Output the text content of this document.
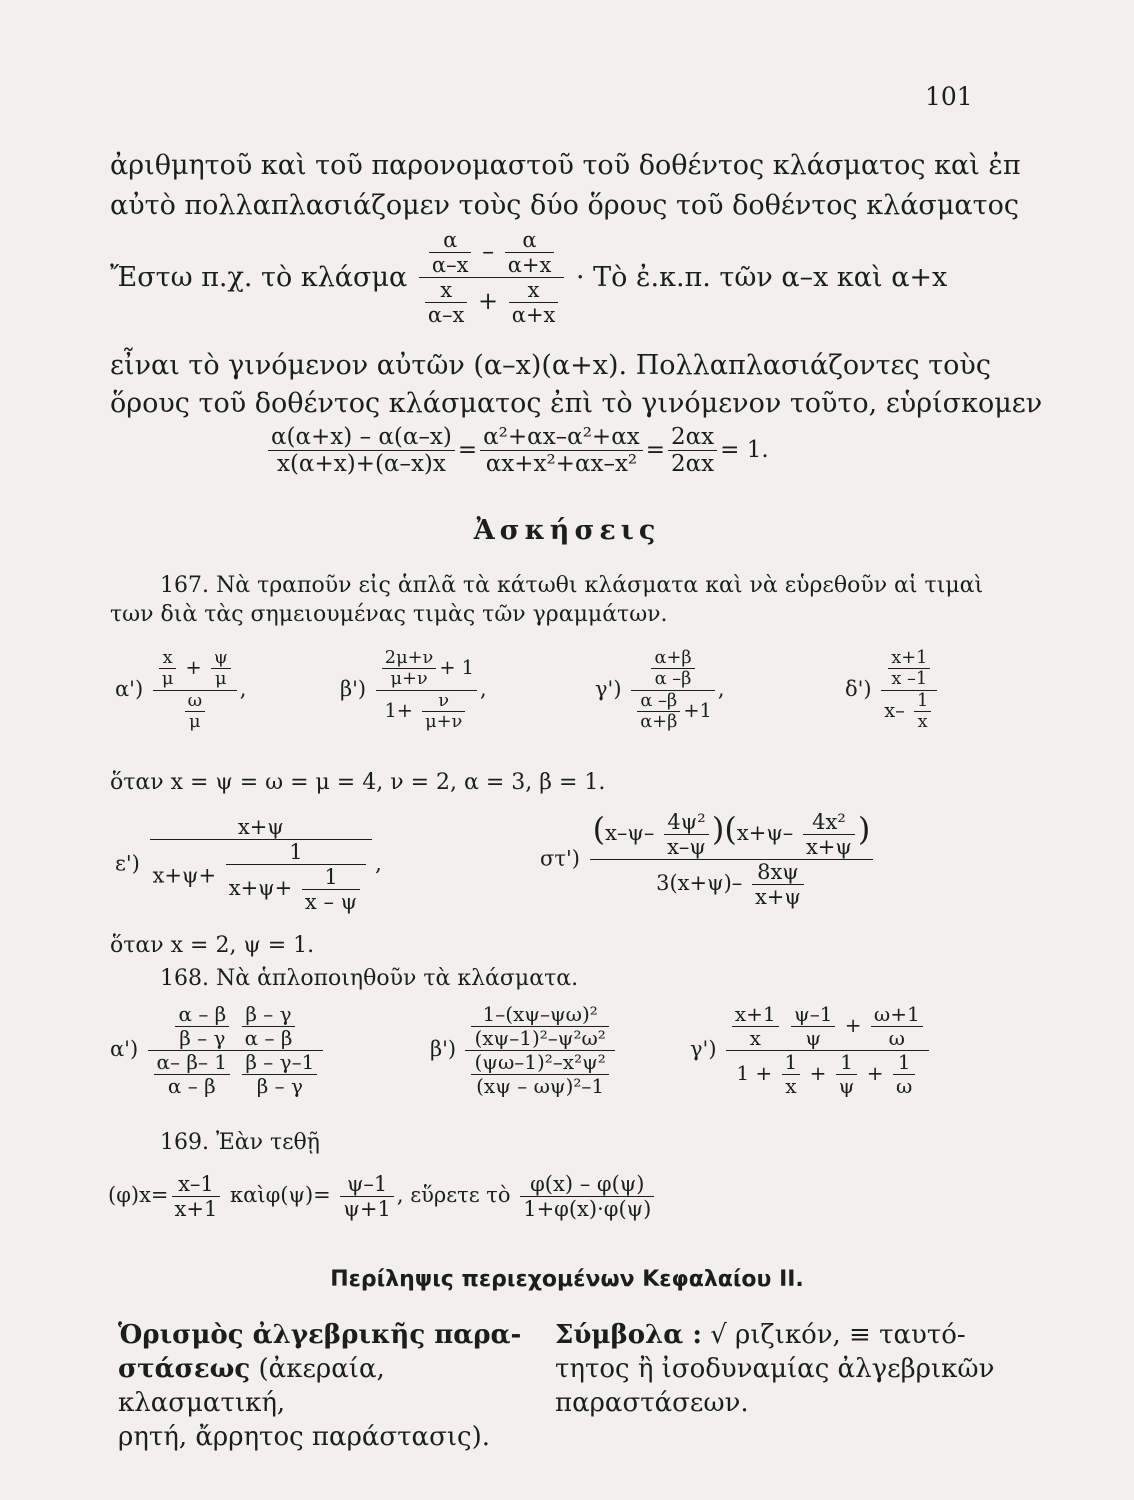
101
ἀριθμητοῦ καὶ τοῦ παρονομαστοῦ τοῦ δοθέντος κλάσματος καὶ ἐπ
αὐτὸ πολλαπλασιάζομεν τοὺς δύο ὅρους τοῦ δοθέντος κλάσματος
Ἔστω π.χ. τὸ κλάσμα $\frac{\frac{\alpha}{\alpha-x} - \frac{\alpha}{\alpha+x}}{\frac{x}{\alpha-x} + \frac{x}{\alpha+x}}$ · Τὸ ἐ.κ.π. τῶν α–x καὶ α+x
εἶναι τὸ γινόμενον αὐτῶν (α–x)(α+x). Πολλαπλασιάζοντες τοὺς
ὅρους τοῦ δοθέντος κλάσματος ἐπὶ τὸ γινόμενον τοῦτο, εὑρίσκομεν
$\frac{\alpha(\alpha+x) - \alpha(\alpha-x)}{x(\alpha+x)+(\alpha-x)x} = \frac{\text{α²+αx–α²+αx}}{\text{αx+x²+αx–x²}} = \frac{2\alpha x}{2\alpha x} = 1$.
Ἀσκήσεις
167. Νὰ τραποῦν εἰς ἁπλᾶ τὰ κάτωθι κλάσματα καὶ νὰ εὑρεθοῦν αἱ τιμαὶ
των διὰ τὰς σημειουμένας τιμὰς τῶν γραμμάτων.
$\alpha') \frac{\frac{x}{\mu} + \frac{\psi}{\mu}}{\frac{\omega}{\mu}}$ ,	$\beta') \frac{\frac{2\mu+\nu}{\mu+\nu} + 1}{1+ \frac{\nu}{\mu+\nu}}$ ,	$\gamma') \frac{\frac{\alpha+\beta}{\alpha -\beta}}{\frac{\alpha -\beta}{\alpha+\beta} +1}$ ,	$\delta') \frac{\frac{x+1}{x -1}}{x- \frac{1}{x}}$
ὅταν x = ψ = ω = μ = 4, ν = 2, α = 3, β = 1.
$\varepsilon') \frac{x+\psi}{x+\psi+ \frac{1}{x+\psi+ \frac{1}{x - \psi}}}$ ,	$\sigma\tau') \frac{(x-\psi- \frac{\text{4ψ²}}{x-\psi} )(x+\psi- \frac{\text{4x²}}{x+\psi} )}{3(x+\psi)- \frac{8x\psi}{x+\psi}}$
ὅταν x = 2, ψ = 1.
168. Νὰ ἁπλοποιηθοῦν τὰ κλάσματα.
$\alpha') \frac{\alpha - \beta}{\beta - \gamma}$
$\frac{\beta - \gamma}{\alpha - \beta}$
$\frac{\alpha- \beta- 1}{\alpha - \beta}$
$\frac{\beta - \gamma-1}{\beta - \gamma}$	$\beta') \frac{\frac{\text{1–(xψ–ψω)²}}{\text{(xψ–1)²–ψ²ω²}}}{\frac{\text{(ψω–1)²–x²ψ²}}{\text{(xψ – ωψ)²–1}}}$	$\gamma') \frac{x+1}{x}$
$\frac{\psi-1}{\psi} + \frac{\omega+1}{\omega}$
$1 + \frac{1}{x} + \frac{1}{\psi} + \frac{1}{\omega}$
169. Ἐὰν τεθῇ
$(\varphi)x= \frac{x-1}{x+1}$ καὶφ(ψ)= $\frac{\psi-1}{\psi+1}$ , εὕρετε τὸ $\frac{\varphi(x) - \varphi(\psi)}{1+\varphi(x)\cdot\varphi(\psi)}$
Περίληψις περιεχομένων Κεφαλαίου ΙΙ.
Ὁρισμὸς ἀλγεβρικῆς παρα-
στάσεως (ἀκεραία, κλασματική,
ρητή, ἄρρητος παράστασις).
Σύμβολα : √ ριζικόν, ≡ ταυτό-
τητος ἢ ἰσοδυναμίας ἀλγεβρικῶν
παραστάσεων.
